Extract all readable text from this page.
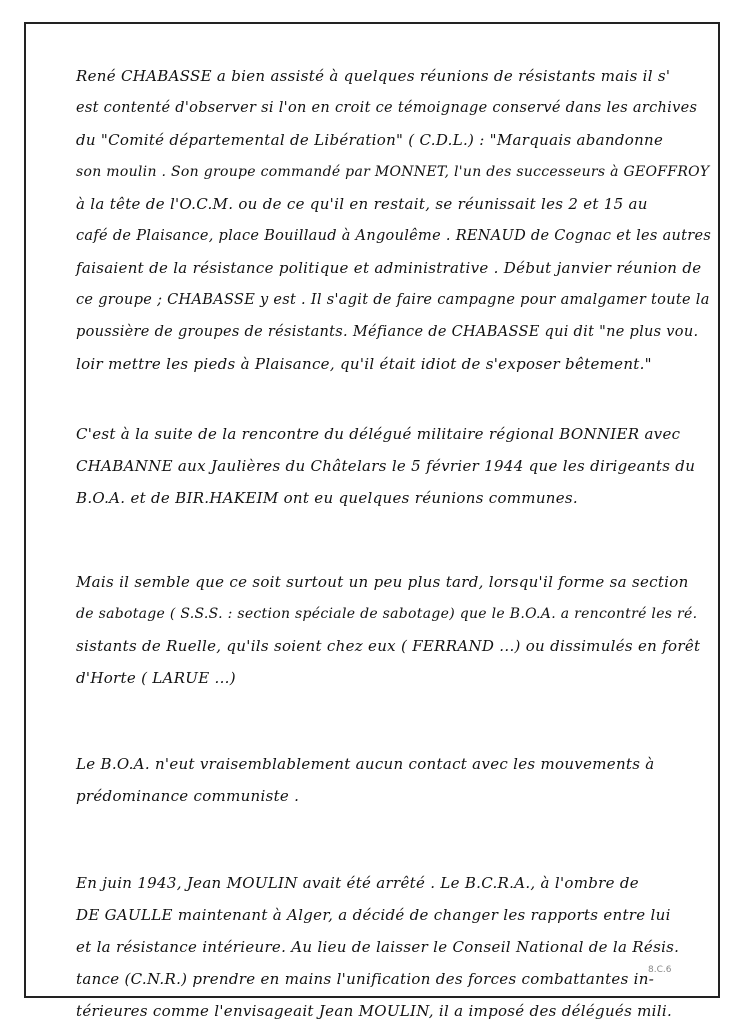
René CHABASSE a bien assisté à quelques réunions de résistants mais il s'
est contenté d'observer si l'on en croit ce témoignage conservé dans les archives
du "Comité départemental de Libération" ( C.D.L.) : "Marquais abandonne
son moulin . Son groupe commandé par MONNET, l'un des successeurs à GEOFFROY
à la tête de l'O.C.M. ou de ce qu'il en restait, se réunissait les 2 et 15 au
café de Plaisance, place Bouillaud à Angoulême . RENAUD de Cognac et les autres
faisaient de la résistance politique et administrative . Début janvier réunion de
ce groupe ; CHABASSE y est . Il s'agit de faire campagne pour amalgamer toute la
poussière de groupes de résistants. Méfiance de CHABASSE qui dit "ne plus vou.
loir mettre les pieds à Plaisance, qu'il était idiot de s'exposer bêtement."
C'est à la suite de la rencontre du délégué militaire régional BONNIER avec
CHABANNE aux Jaulières du Châtelars le 5 février 1944 que les dirigeants du
B.O.A. et de BIR.HAKEIM ont eu quelques réunions communes.
Mais il semble que ce soit surtout un peu plus tard, lorsqu'il forme sa section
de sabotage ( S.S.S. : section spéciale de sabotage) que le B.O.A. a rencontré les ré.
sistants de Ruelle, qu'ils soient chez eux ( FERRAND ...) ou dissimulés en forêt
d'Horte ( LARUE ...)
Le B.O.A. n'eut vraisemblablement aucun contact avec les mouvements à
prédominance communiste .
En juin 1943, Jean MOULIN avait été arrêté . Le B.C.R.A., à l'ombre de
DE GAULLE maintenant à Alger, a décidé de changer les rapports entre lui
et la résistance intérieure. Au lieu de laisser le Conseil National de la Résis.
tance (C.N.R.) prendre en mains l'unification des forces combattantes in-
térieures comme l'envisageait Jean MOULIN, il a imposé des délégués mili.
8.C.6
